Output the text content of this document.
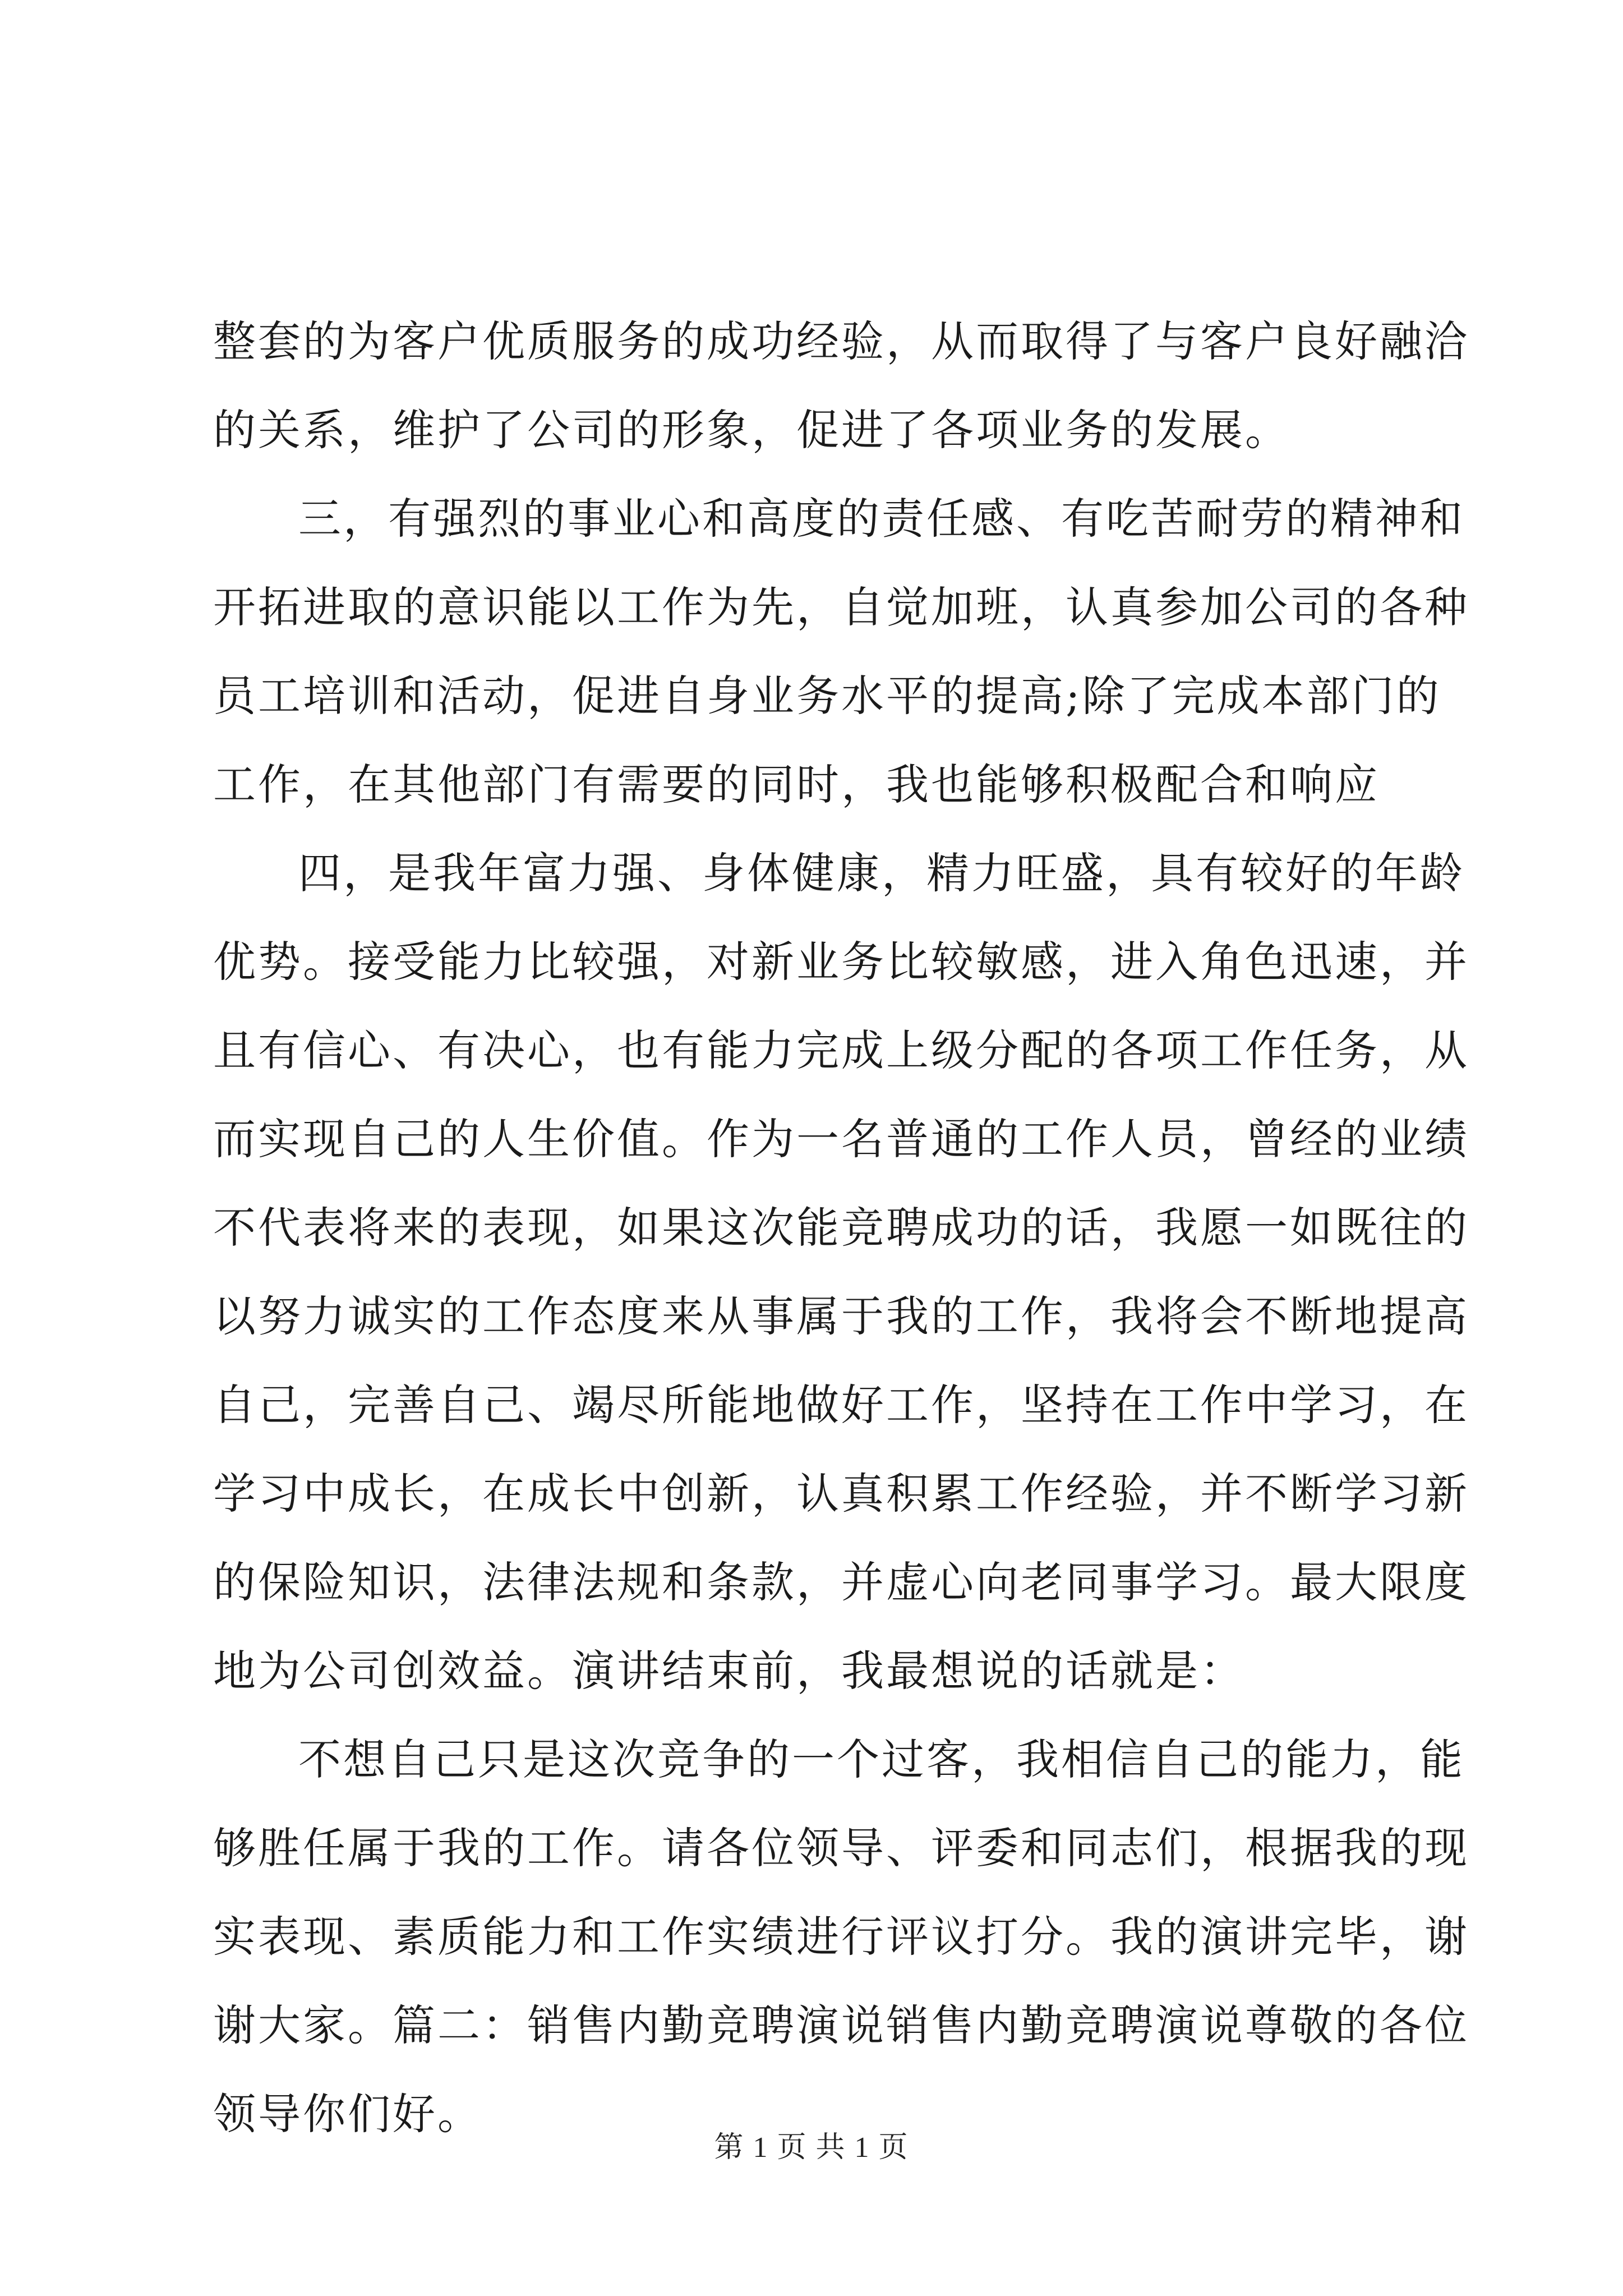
整套的为客户优质服务的成功经验，从而取得了与客户良好融洽
的关系，维护了公司的形象，促进了各项业务的发展。
三，有强烈的事业心和高度的责任感、有吃苦耐劳的精神和
开拓进取的意识能以工作为先，自觉加班，认真参加公司的各种
员工培训和活动，促进自身业务水平的提高;除了完成本部门的
工作，在其他部门有需要的同时，我也能够积极配合和响应
四，是我年富力强、身体健康，精力旺盛，具有较好的年龄
优势。接受能力比较强，对新业务比较敏感，进入角色迅速，并
且有信心、有决心，也有能力完成上级分配的各项工作任务，从
而实现自己的人生价值。作为一名普通的工作人员，曾经的业绩
不代表将来的表现，如果这次能竞聘成功的话，我愿一如既往的
以努力诚实的工作态度来从事属于我的工作，我将会不断地提高
自己，完善自己、竭尽所能地做好工作，坚持在工作中学习，在
学习中成长，在成长中创新，认真积累工作经验，并不断学习新
的保险知识，法律法规和条款，并虚心向老同事学习。最大限度
地为公司创效益。演讲结束前，我最想说的话就是：
不想自己只是这次竞争的一个过客，我相信自己的能力，能
够胜任属于我的工作。请各位领导、评委和同志们，根据我的现
实表现、素质能力和工作实绩进行评议打分。我的演讲完毕，谢
谢大家。篇二：销售内勤竞聘演说销售内勤竞聘演说尊敬的各位
领导你们好。
第 1 页 共 1 页
